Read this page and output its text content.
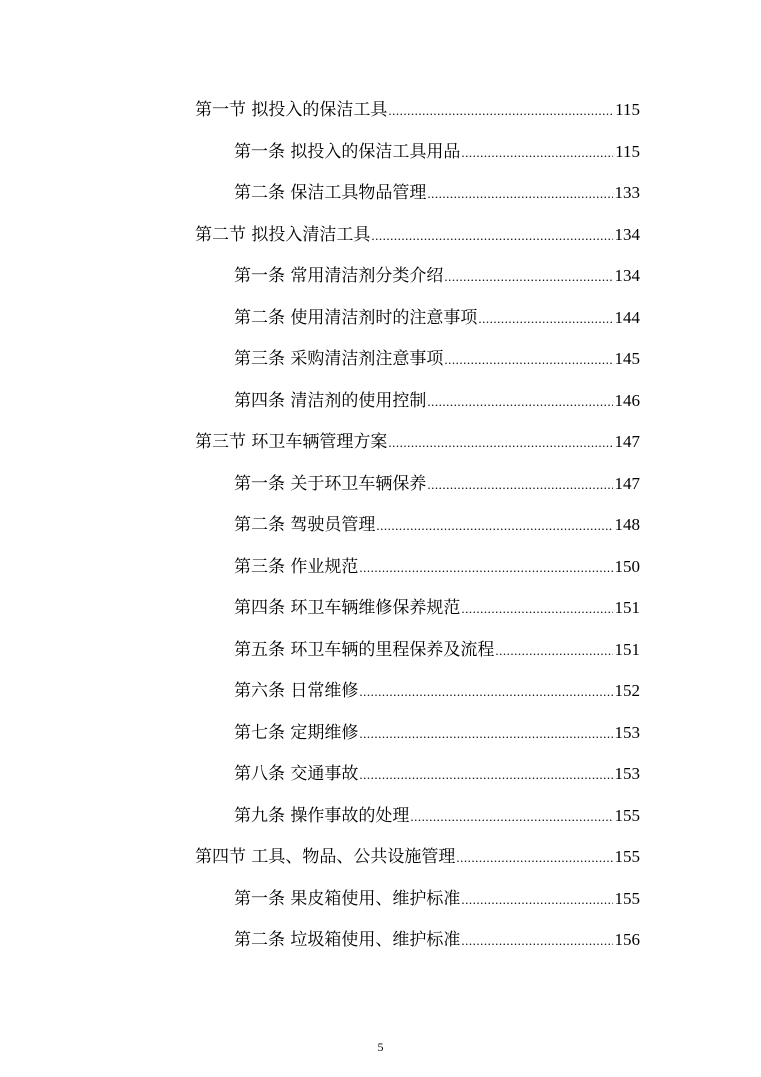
第一节 拟投入的保洁工具 .....	115
第一条 拟投入的保洁工具用品 .....	115
第二条 保洁工具物品管理 .....	133
第二节 拟投入清洁工具 .....	134
第一条 常用清洁剂分类介绍 .....	134
第二条 使用清洁剂时的注意事项 .....	144
第三条 采购清洁剂注意事项 .....	145
第四条 清洁剂的使用控制 .....	146
第三节 环卫车辆管理方案 .....	147
第一条 关于环卫车辆保养 .....	147
第二条 驾驶员管理 .....	148
第三条 作业规范 .....	150
第四条 环卫车辆维修保养规范 .....	151
第五条 环卫车辆的里程保养及流程 .....	151
第六条 日常维修 .....	152
第七条 定期维修 .....	153
第八条 交通事故 .....	153
第九条 操作事故的处理 .....	155
第四节 工具、物品、公共设施管理 .....	155
第一条 果皮箱使用、维护标准 .....	155
第二条 垃圾箱使用、维护标准 .....	156
5
